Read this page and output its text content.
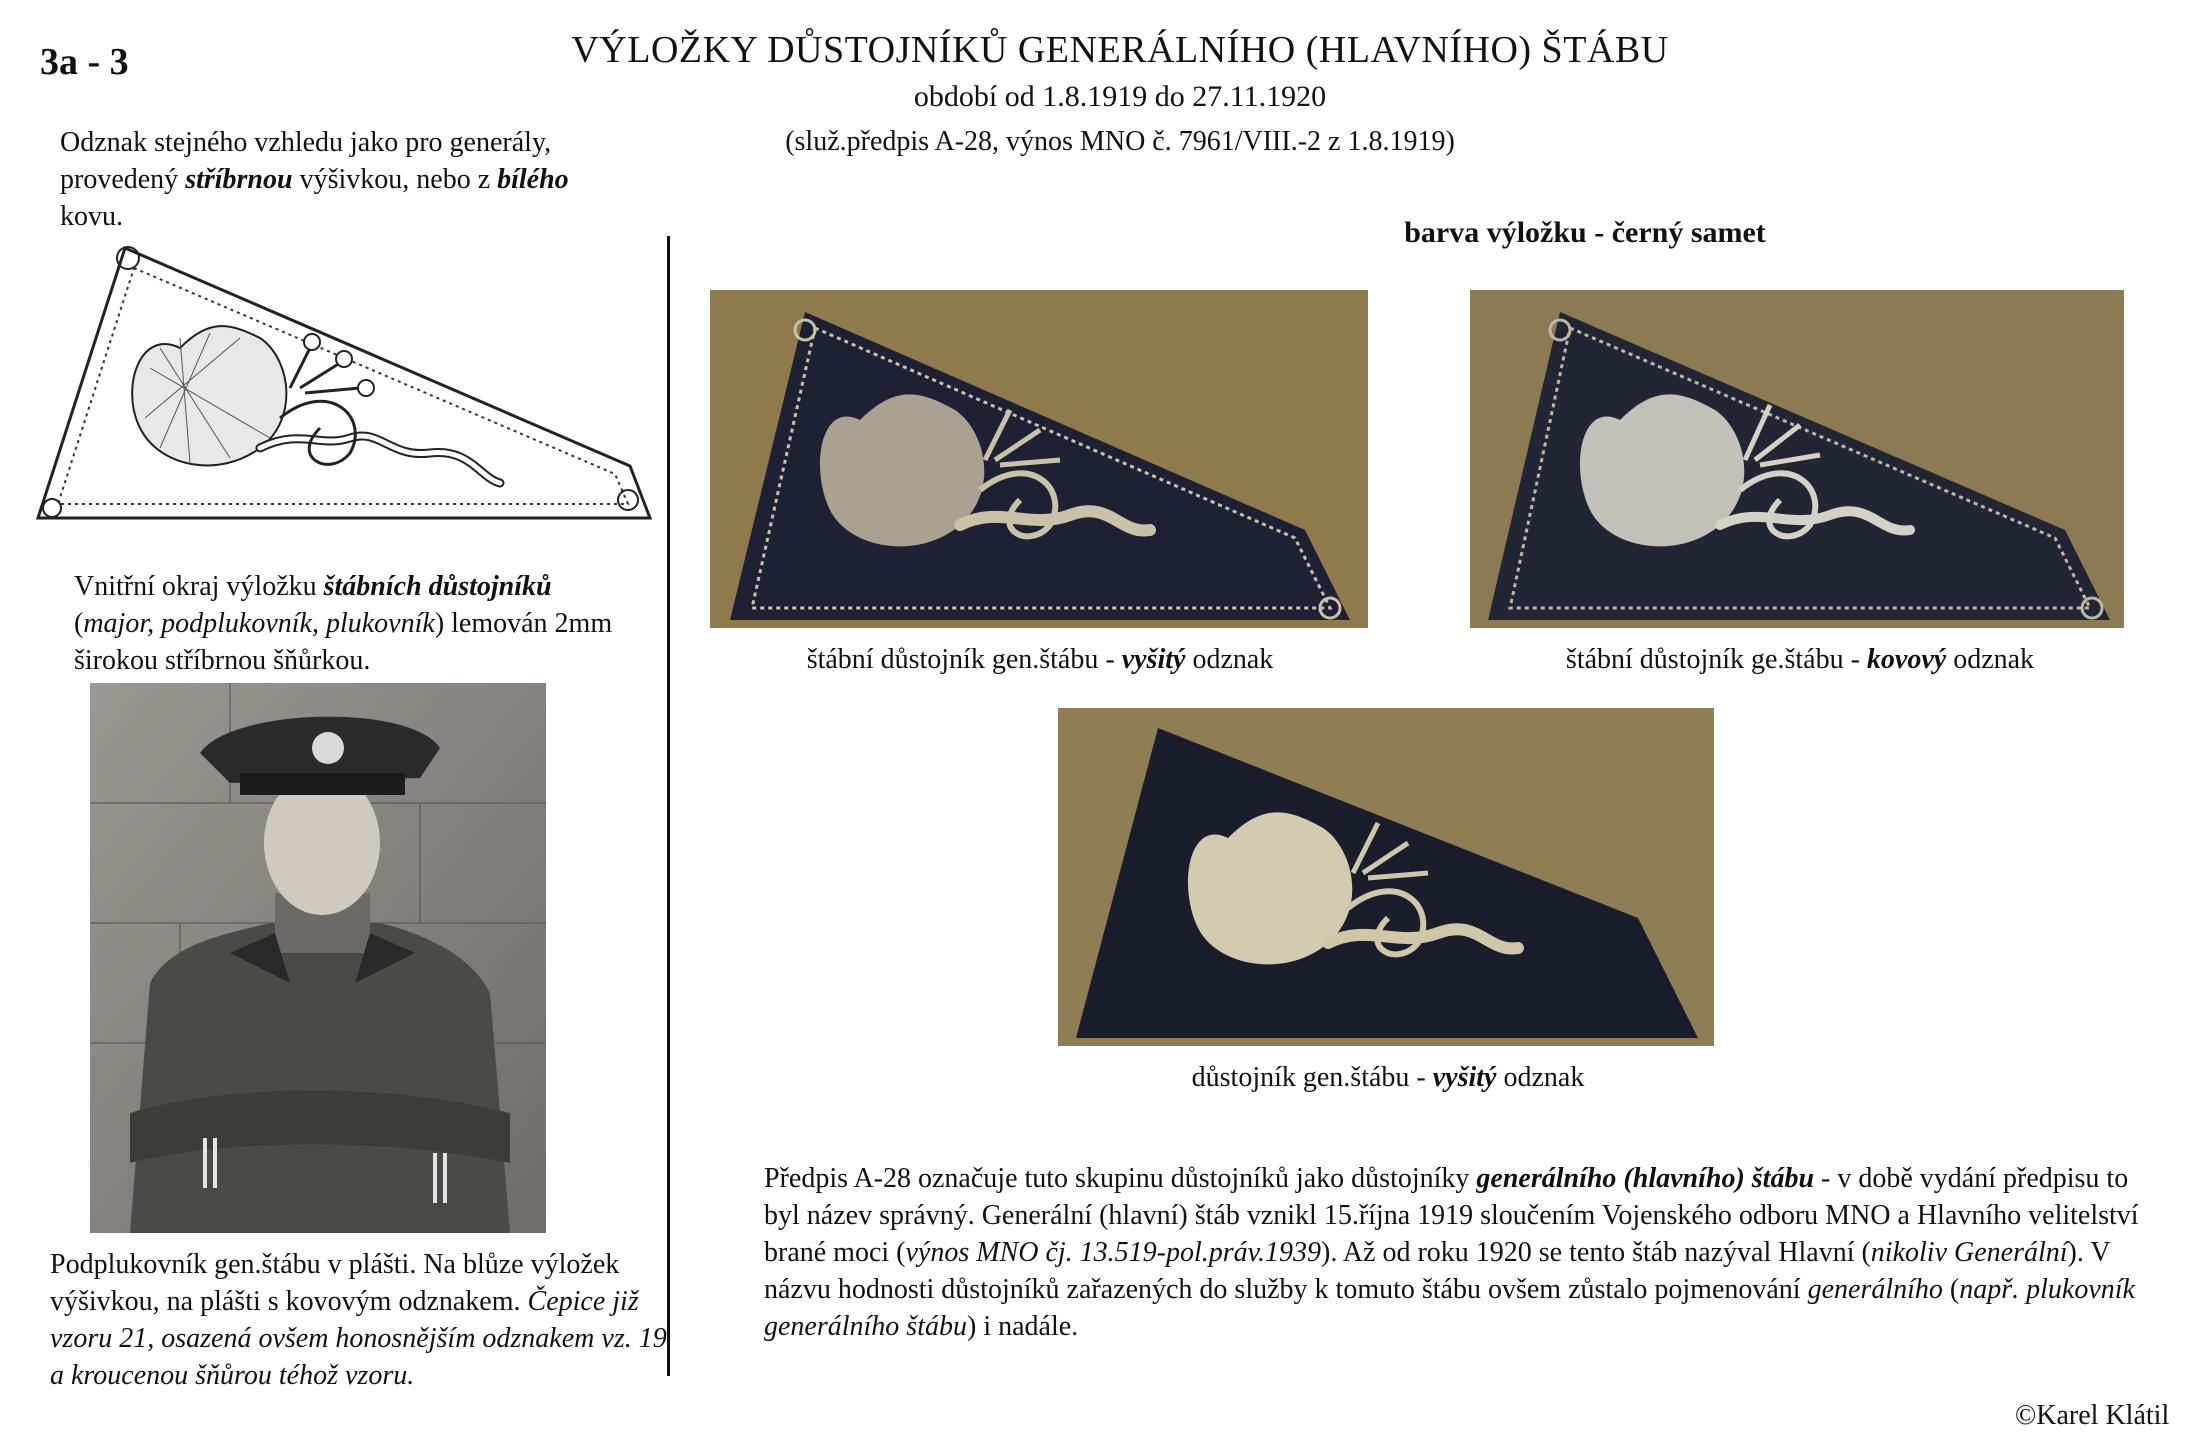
3a - 3	VÝLOŽKY DŮSTOJNÍKŮ GENERÁLNÍHO (HLAVNÍHO) ŠTÁBU
období od 1.8.1919 do 27.11.1920
(služ.předpis A-28, výnos MNO č. 7961/VIII.-2 z 1.8.1919)
Odznak stejného vzhledu jako pro generály, provedený stříbrnou výšivkou, nebo z bílého kovu.
Vnitřní okraj výložku štábních důstojníků
(major, podplukovník, plukovník) lemován 2mm širokou stříbrnou šňůrkou.
Podplukovník gen.štábu v plášti. Na blůze výložek výšivkou, na plášti s kovovým odznakem. Čepice již vzoru 21, osazená ovšem honosnějším odznakem vz. 19 a kroucenou šňůrou téhož vzoru.
barva výložku - černý samet
štábní důstojník gen.štábu - vyšitý odznak	štábní důstojník ge.štábu - kovový odznak
důstojník gen.štábu - vyšitý odznak
Předpis A-28 označuje tuto skupinu důstojníků jako důstojníky generálního (hlavního) štábu - v době vydání předpisu to byl název správný. Generální (hlavní) štáb vznikl 15.října 1919 sloučením Vojenského odboru MNO a Hlavního velitelství brané moci (výnos MNO čj. 13.519-pol.práv.1939). Až od roku 1920 se tento štáb nazýval Hlavní (nikoliv Generální). V názvu hodnosti důstojníků zařazených do služby k tomuto štábu ovšem zůstalo pojmenování generálního (např. plukovník generálního štábu) i nadále.
©Karel Klátil
